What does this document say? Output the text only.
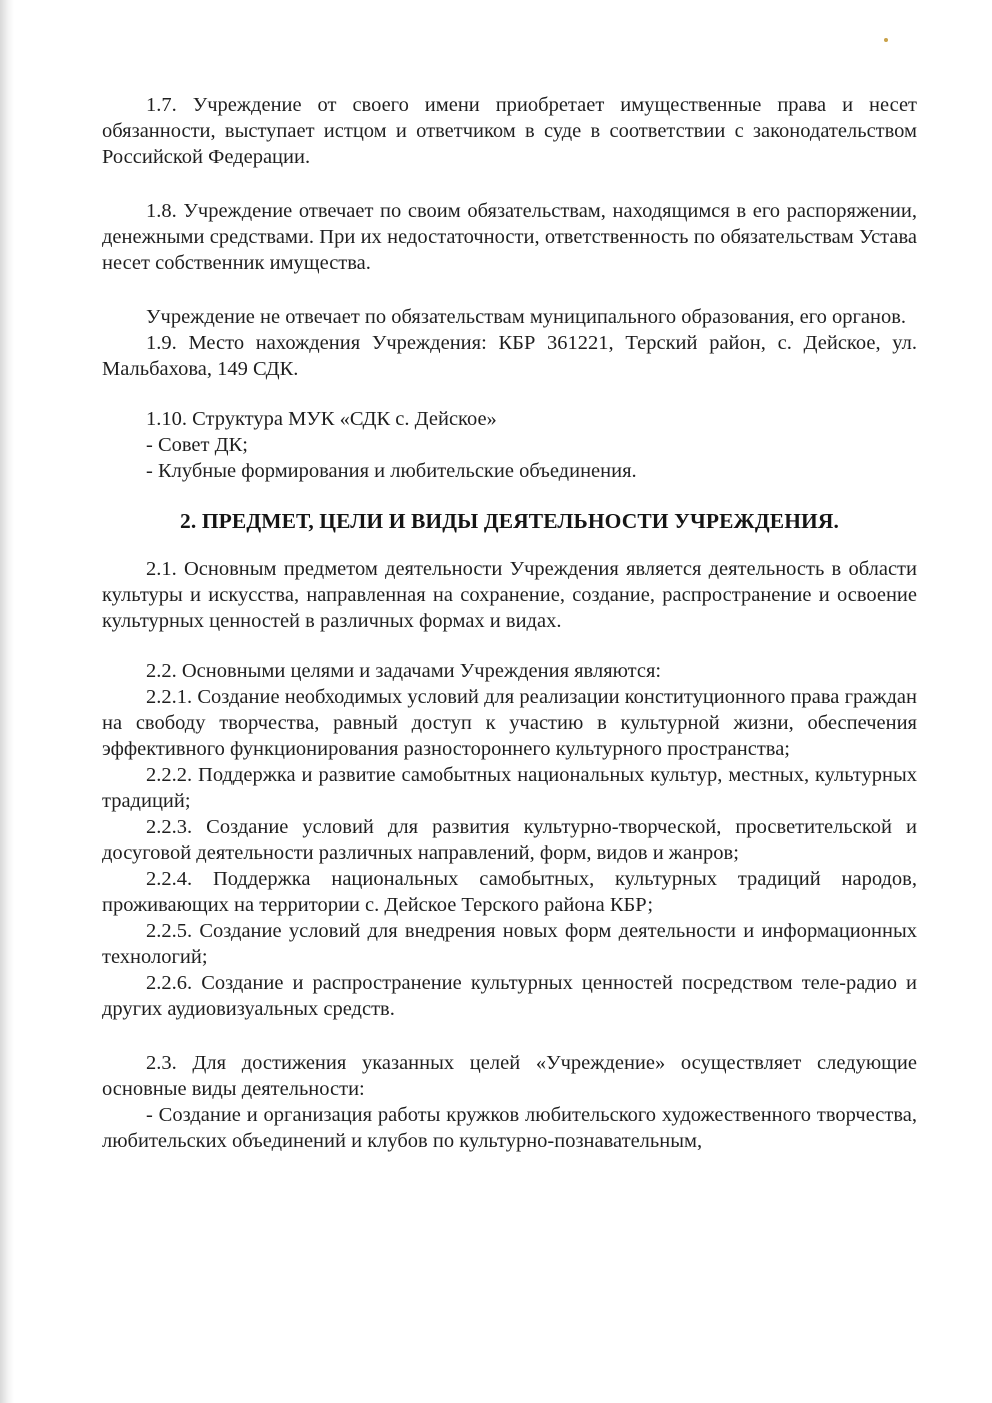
1.7. Учреждение от своего имени приобретает имущественные права и несет обязанности, выступает истцом и ответчиком в суде в соответствии с законодательством Российской Федерации.

1.8. Учреждение отвечает по своим обязательствам, находящимся в его распоряжении, денежными средствами. При их недостаточности, ответственность по обязательствам Устава несет собственник имущества.

Учреждение не отвечает по обязательствам муниципального образования, его органов.

1.9. Место нахождения Учреждения: КБР 361221, Терский район, с. Дейское, ул. Мальбахова, 149 СДК.

1.10. Структура МУК «СДК с. Дейское»

- Совет ДК;

- Клубные формирования и любительские объединения.

2. ПРЕДМЕТ, ЦЕЛИ И ВИДЫ ДЕЯТЕЛЬНОСТИ УЧРЕЖДЕНИЯ.

2.1. Основным предметом деятельности Учреждения является деятельность в области культуры и искусства, направленная на сохранение, создание, распространение и освоение культурных ценностей в различных формах и видах.

2.2. Основными целями и задачами Учреждения являются:

2.2.1. Создание необходимых условий для реализации конституционного права граждан на свободу творчества, равный доступ к участию в культурной жизни, обеспечения эффективного функционирования разностороннего культурного пространства;

2.2.2. Поддержка и развитие самобытных национальных культур, местных, культурных традиций;

2.2.3. Создание условий для развития культурно-творческой, просветительской и досуговой деятельности различных направлений, форм, видов и жанров;

2.2.4. Поддержка национальных самобытных, культурных традиций народов, проживающих на территории с. Дейское Терского района КБР;

2.2.5. Создание условий для внедрения новых форм деятельности и информационных технологий;

2.2.6. Создание и распространение культурных ценностей посредством теле-радио и других аудиовизуальных средств.

2.3. Для достижения указанных целей «Учреждение» осуществляет следующие основные виды деятельности:

- Создание и организация работы кружков любительского художественного творчества, любительских объединений и клубов по культурно-познавательным,
